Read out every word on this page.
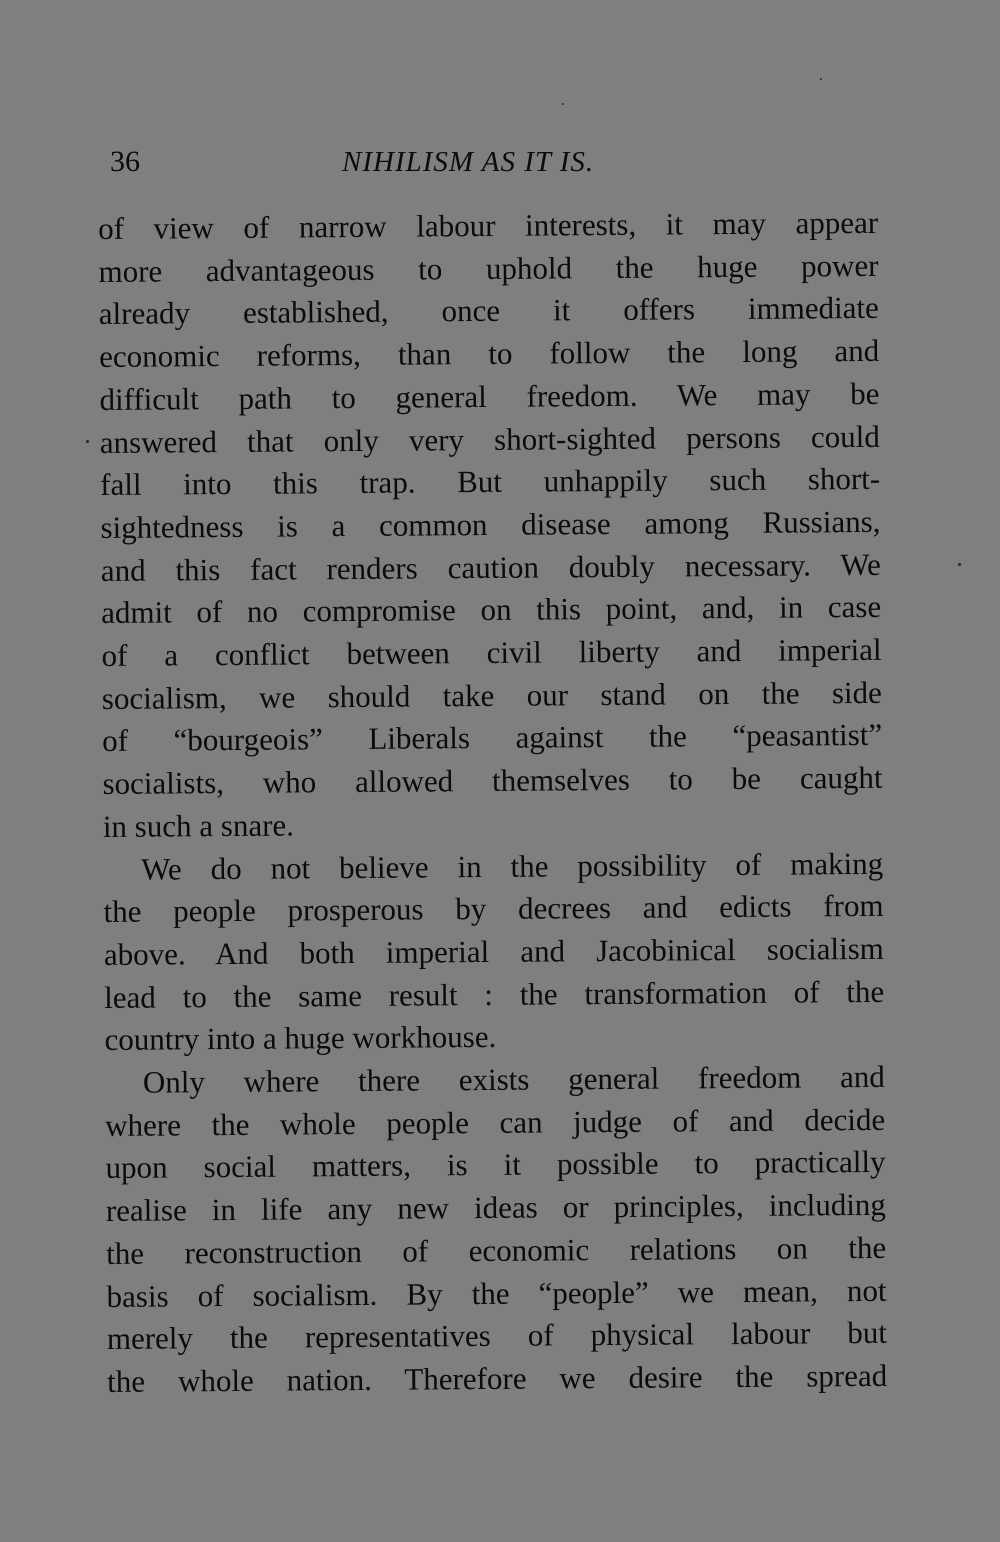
36	NIHILISM AS IT IS.

of view of narrow labour interests, it may appear
more advantageous to uphold the huge power
already established, once it offers immediate
economic reforms, than to follow the long and
difficult path to general freedom. We may be
answered that only very short-sighted persons could
fall into this trap. But unhappily such short-
sightedness is a common disease among Russians,
and this fact renders caution doubly necessary. We
admit of no compromise on this point, and, in case
of a conflict between civil liberty and imperial
socialism, we should take our stand on the side
of “bourgeois” Liberals against the “peasantist”
socialists, who allowed themselves to be caught
in such a snare.

We do not believe in the possibility of making
the people prosperous by decrees and edicts from
above. And both imperial and Jacobinical socialism
lead to the same result : the transformation of the
country into a huge workhouse.

Only where there exists general freedom and
where the whole people can judge of and decide
upon social matters, is it possible to practically
realise in life any new ideas or principles, including
the reconstruction of economic relations on the
basis of socialism. By the “people” we mean, not
merely the representatives of physical labour but
the whole nation. Therefore we desire the spread
